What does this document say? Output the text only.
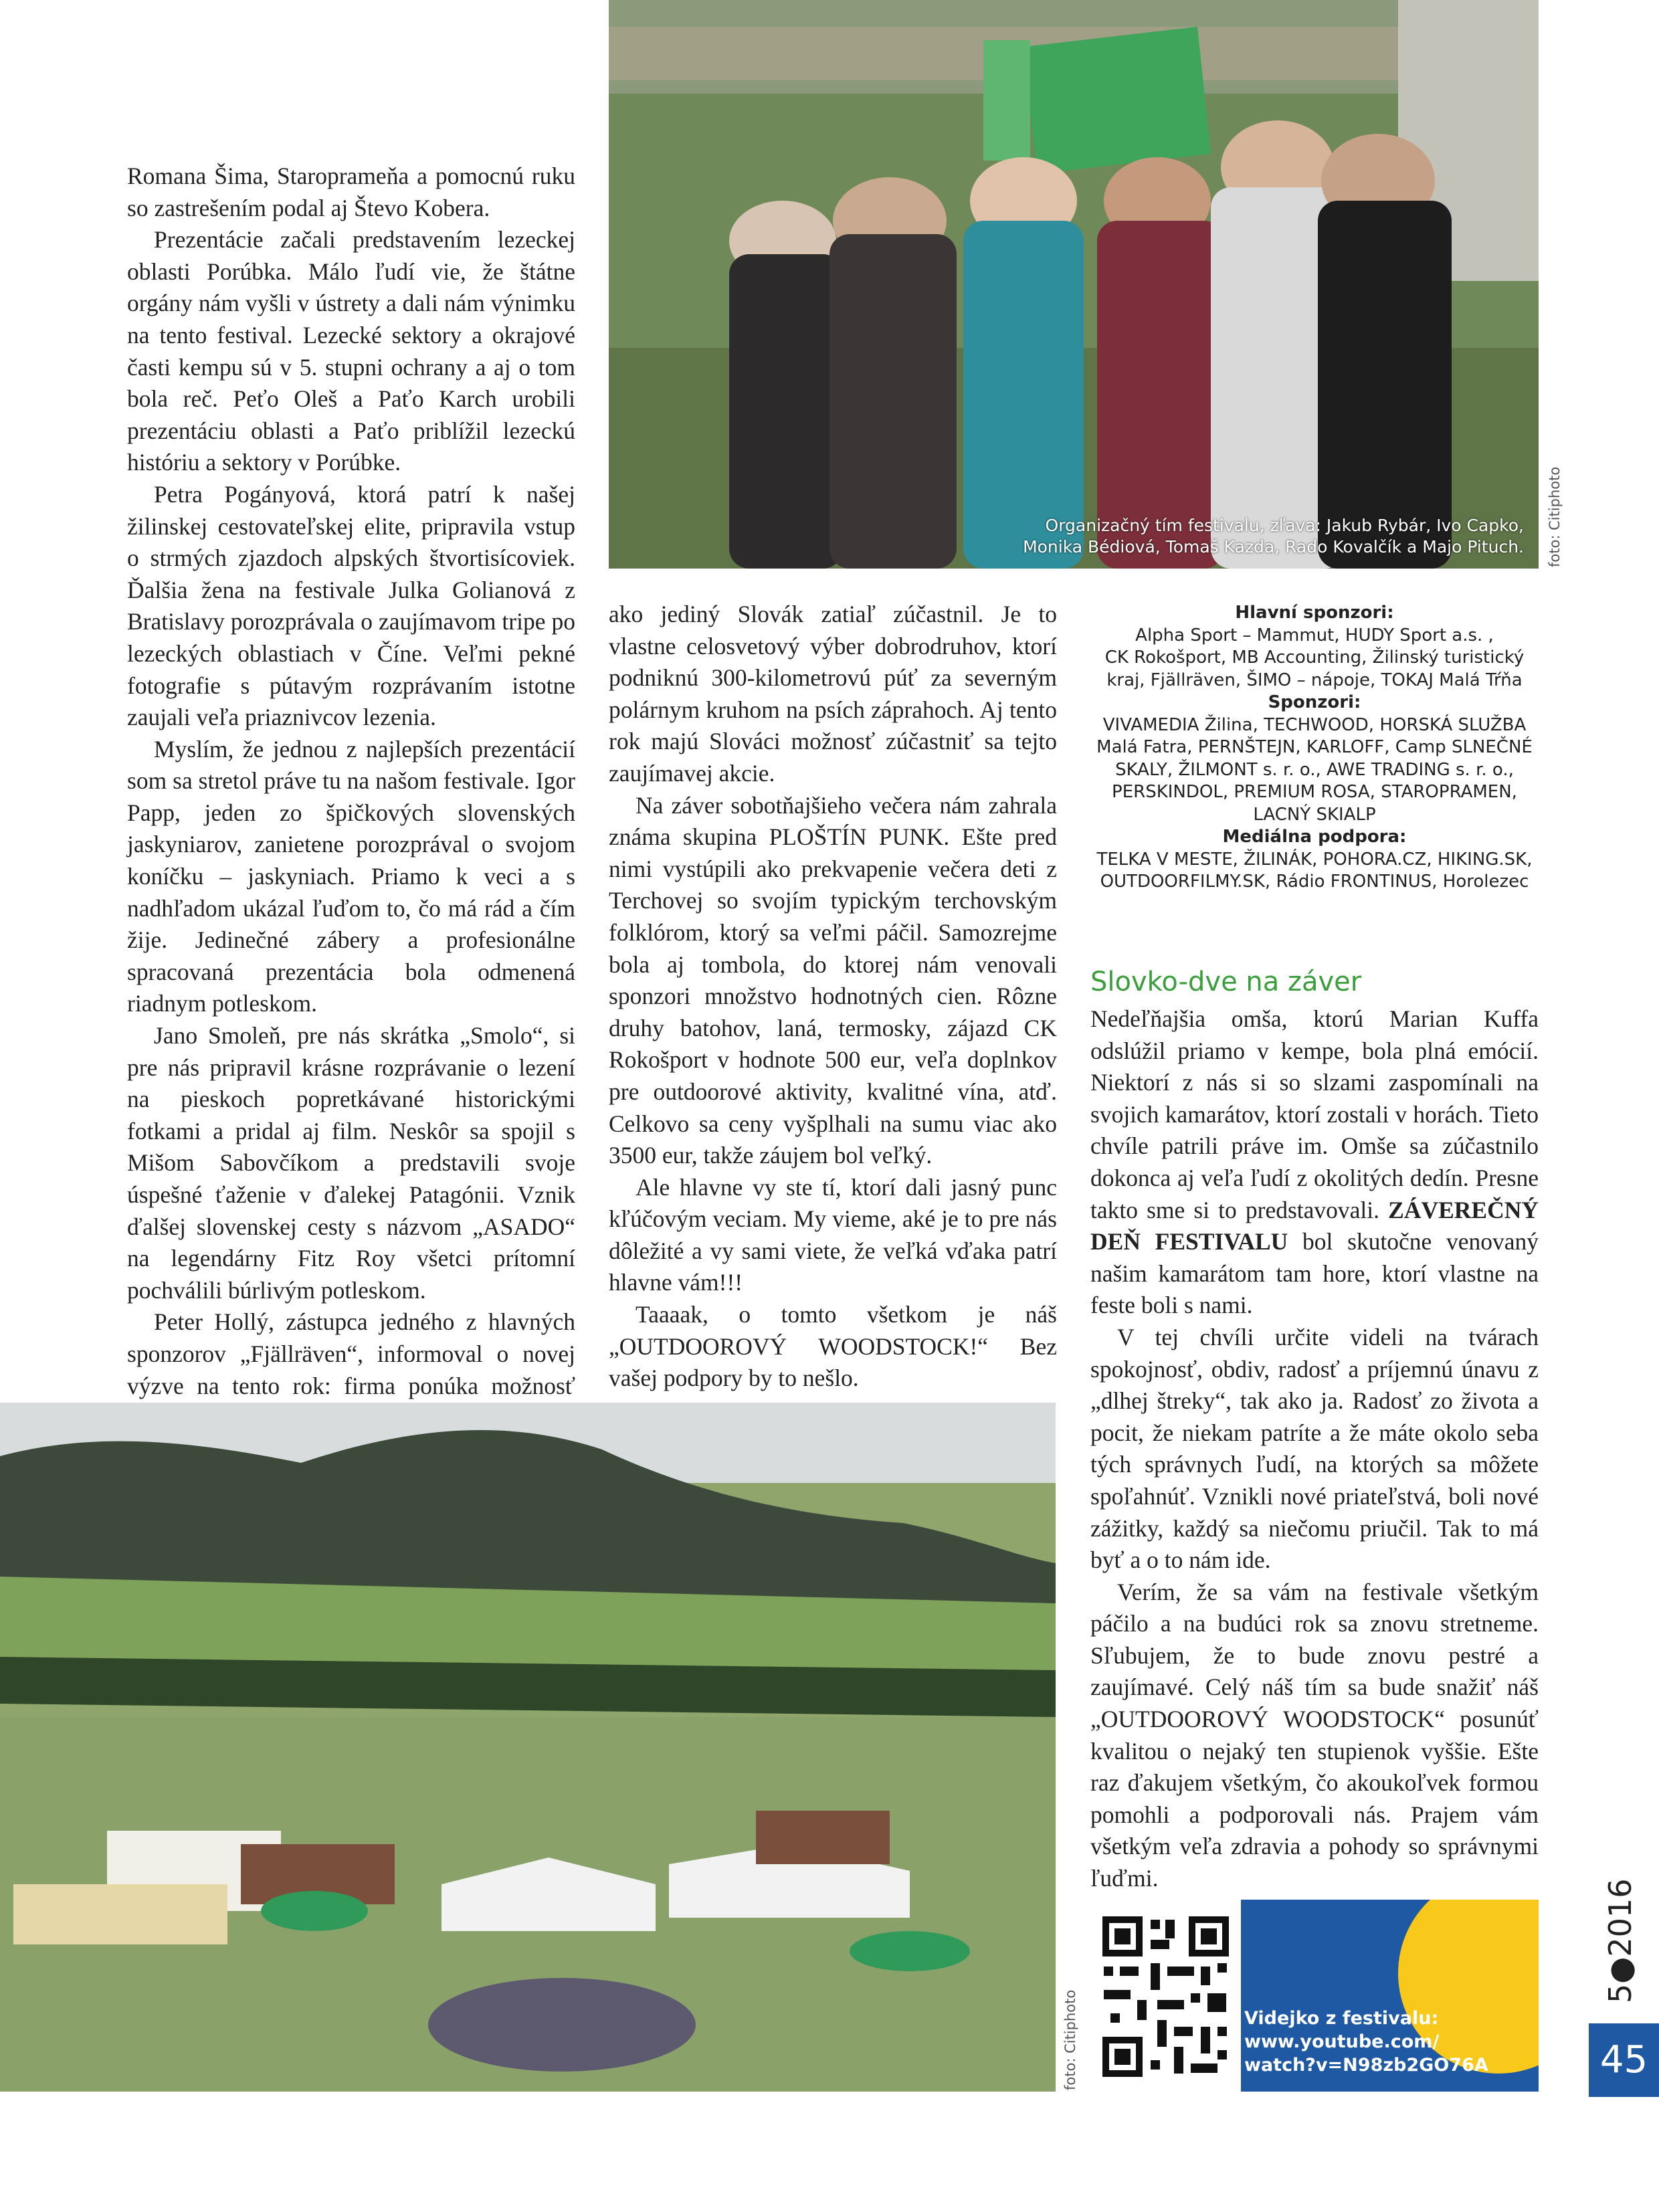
Organizačný tím festivalu, zľava: Jakub Rybár, Ivo Capko,
Monika Bédiová, Tomaš Kazda, Rado Kovalčík a Majo Pituch. foto: Citiphoto

Romana Šima, Staroprameňa a pomocnú ruku so zastrešením podal aj Števo Kobera.

Prezentácie začali predstavením lezeckej oblasti Porúbka. Málo ľudí vie, že štátne orgány nám vyšli v ústrety a dali nám výnimku na tento festival. Lezecké sektory a okrajové časti kempu sú v 5. stupni ochrany a aj o tom bola reč. Peťo Oleš a Paťo Karch urobili prezentáciu oblasti a Paťo priblížil lezeckú históriu a sektory v Porúbke.

Petra Pogányová, ktorá patrí k našej žilinskej cestovateľskej elite, pripravila vstup o strmých zjazdoch alpských štvortisícoviek. Ďalšia žena na festivale Julka Golianová z Bratislavy porozprávala o zaujímavom tripe po lezeckých oblastiach v Číne. Veľmi pekné fotografie s pútavým rozprávaním istotne zaujali veľa priaznivcov lezenia.

Myslím, že jednou z najlepších prezentácií som sa stretol práve tu na našom festivale. Igor Papp, jeden zo špičkových slovenských jaskyniarov, zanietene porozprával o svojom koníčku – jaskyniach. Priamo k veci a s nadhľadom ukázal ľuďom to, čo má rád a čím žije. Jedinečné zábery a profesionálne spracovaná prezentácia bola odmenená riadnym potleskom.

Jano Smoleň, pre nás skrátka „Smolo“, si pre nás pripravil krásne rozprávanie o lezení na pieskoch popretkávané historickými fotkami a pridal aj film. Neskôr sa spojil s Mišom Sabovčíkom a predstavili svoje úspešné ťaženie v ďalekej Patagónii. Vznik ďalšej slovenskej cesty s názvom „ASADO“ na legendárny Fitz Roy všetci prítomní pochválili búrlivým potleskom.

Peter Hollý, zástupca jedného z hlavných sponzorov „Fjällräven“, informoval o novej výzve na tento rok: firma ponúka možnosť

ako jediný Slovák zatiaľ zúčastnil. Je to vlastne celosvetový výber dobrodruhov, ktorí podniknú 300-kilometrovú púť za severným polárnym kruhom na psích záprahoch. Aj tento rok majú Slováci možnosť zúčastniť sa tejto zaujímavej akcie.

Na záver sobotňajšieho večera nám zahrala známa skupina PLOŠTÍN PUNK. Ešte pred nimi vystúpili ako prekvapenie večera deti z Terchovej so svojím typickým terchovským folklórom, ktorý sa veľmi páčil. Samozrejme bola aj tombola, do ktorej nám venovali sponzori množstvo hodnotných cien. Rôzne druhy batohov, laná, termosky, zájazd CK Rokošport v hodnote 500 eur, veľa doplnkov pre outdoorové aktivity, kvalitné vína, atď. Celkovo sa ceny vyšplhali na sumu viac ako 3500 eur, takže záujem bol veľký.

Ale hlavne vy ste tí, ktorí dali jasný punc kľúčovým veciam. My vieme, aké je to pre nás dôležité a vy sami viete, že veľká vďaka patrí hlavne vám!!!

Taaaak, o tomto všetkom je náš „OUTDOOROVÝ WOODSTOCK!“ Bez vašej podpory by to nešlo.

Hlavní sponzori:
Alpha Sport – Mammut, HUDY Sport a.s. ,
CK Rokošport, MB Accounting, Žilinský turistický
kraj, Fjällräven, ŠIMO – nápoje, TOKAJ Malá Tŕňa
Sponzori:
VIVAMEDIA Žilina, TECHWOOD, HORSKÁ SLUŽBA
Malá Fatra, PERNŠTEJN, KARLOFF, Camp SLNEČNÉ
SKALY, ŽILMONT s. r. o., AWE TRADING s. r. o.,
PERSKINDOL, PREMIUM ROSA, STAROPRAMEN,
LACNÝ SKIALP
Mediálna podpora:
TELKA V MESTE, ŽILINÁK, POHORA.CZ, HIKING.SK,
OUTDOORFILMY.SK, Rádio FRONTINUS, Horolezec
Slovko-dve na záver

Nedeľňajšia omša, ktorú Marian Kuffa odslúžil priamo v kempe, bola plná emócií. Niektorí z nás si so slzami zaspomínali na svojich kamarátov, ktorí zostali v horách. Tieto chvíle patrili práve im. Omše sa zúčastnilo dokonca aj veľa ľudí z okolitých dedín. Presne takto sme si to predstavovali. ZÁVEREČNÝ DEŇ FESTIVALU bol skutočne venovaný našim kamarátom tam hore, ktorí vlastne na feste boli s nami.

V tej chvíli určite videli na tvárach spokojnosť, obdiv, radosť a príjemnú únavu z „dlhej štreky“, tak ako ja. Radosť zo života a pocit, že niekam patríte a že máte okolo seba tých správnych ľudí, na ktorých sa môžete spoľahnúť. Vznikli nové priateľstvá, boli nové zážitky, každý sa niečomu priučil. Tak to má byť a o to nám ide.

Verím, že sa vám na festivale všetkým páčilo a na budúci rok sa znovu stretneme. Sľubujem, že to bude znovu pestré a zaujímavé. Celý náš tím sa bude snažiť náš „OUTDOOROVÝ WOODSTOCK“ posunúť kvalitou o nejaký ten stupienok vyššie. Ešte raz ďakujem všetkým, čo akoukoľvek formou pomohli a podporovali nás. Prajem vám všetkým veľa zdravia a pohody so správnymi ľuďmi.

foto: Citiphoto	Videjko z festivalu:
www.youtube.com/
watch?v=N98zb2GO76A
5●2016
45
